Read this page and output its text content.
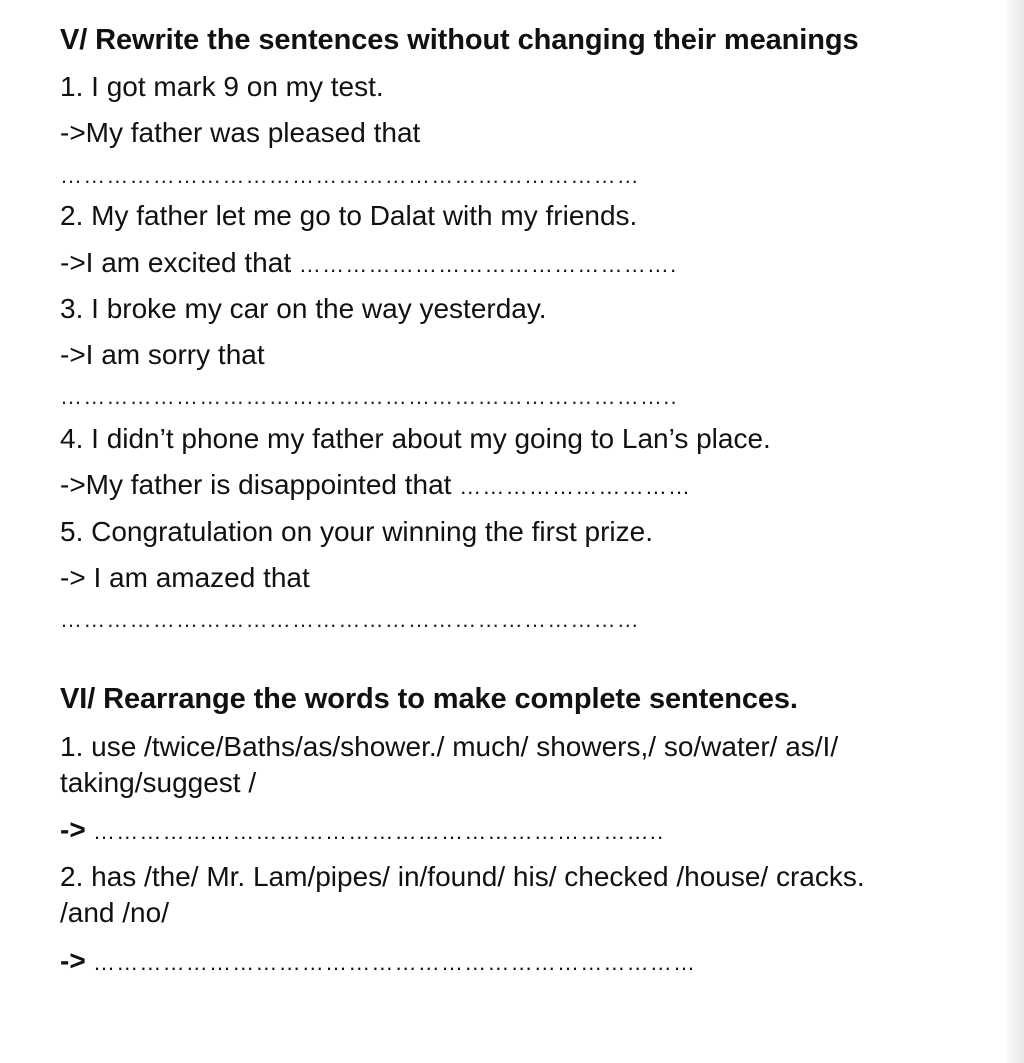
V/ Rewrite the sentences without changing their meanings
1. I got mark 9 on my test.
->My father was pleased that
…………………………………………………………………
2. My father let me go to Dalat with my friends.
->I am excited that ………………………………………….
3. I broke my car on the way yesterday.
->I am sorry that
……………………………………………………………………..
4. I didn’t phone my father about my going to Lan’s place.
->My father is disappointed that …………………………
5. Congratulation on your winning the first prize.
-> I am amazed that
…………………………………………………………………
VI/ Rearrange the words to make complete sentences.
1. use /twice/Baths/as/shower./ much/ showers,/ so/water/ as/I/
taking/suggest /
-> ………………………………………………………………..
2. has /the/ Mr. Lam/pipes/ in/found/ his/ checked /house/ cracks.
/and /no/
-> ……………………………………………………………………
